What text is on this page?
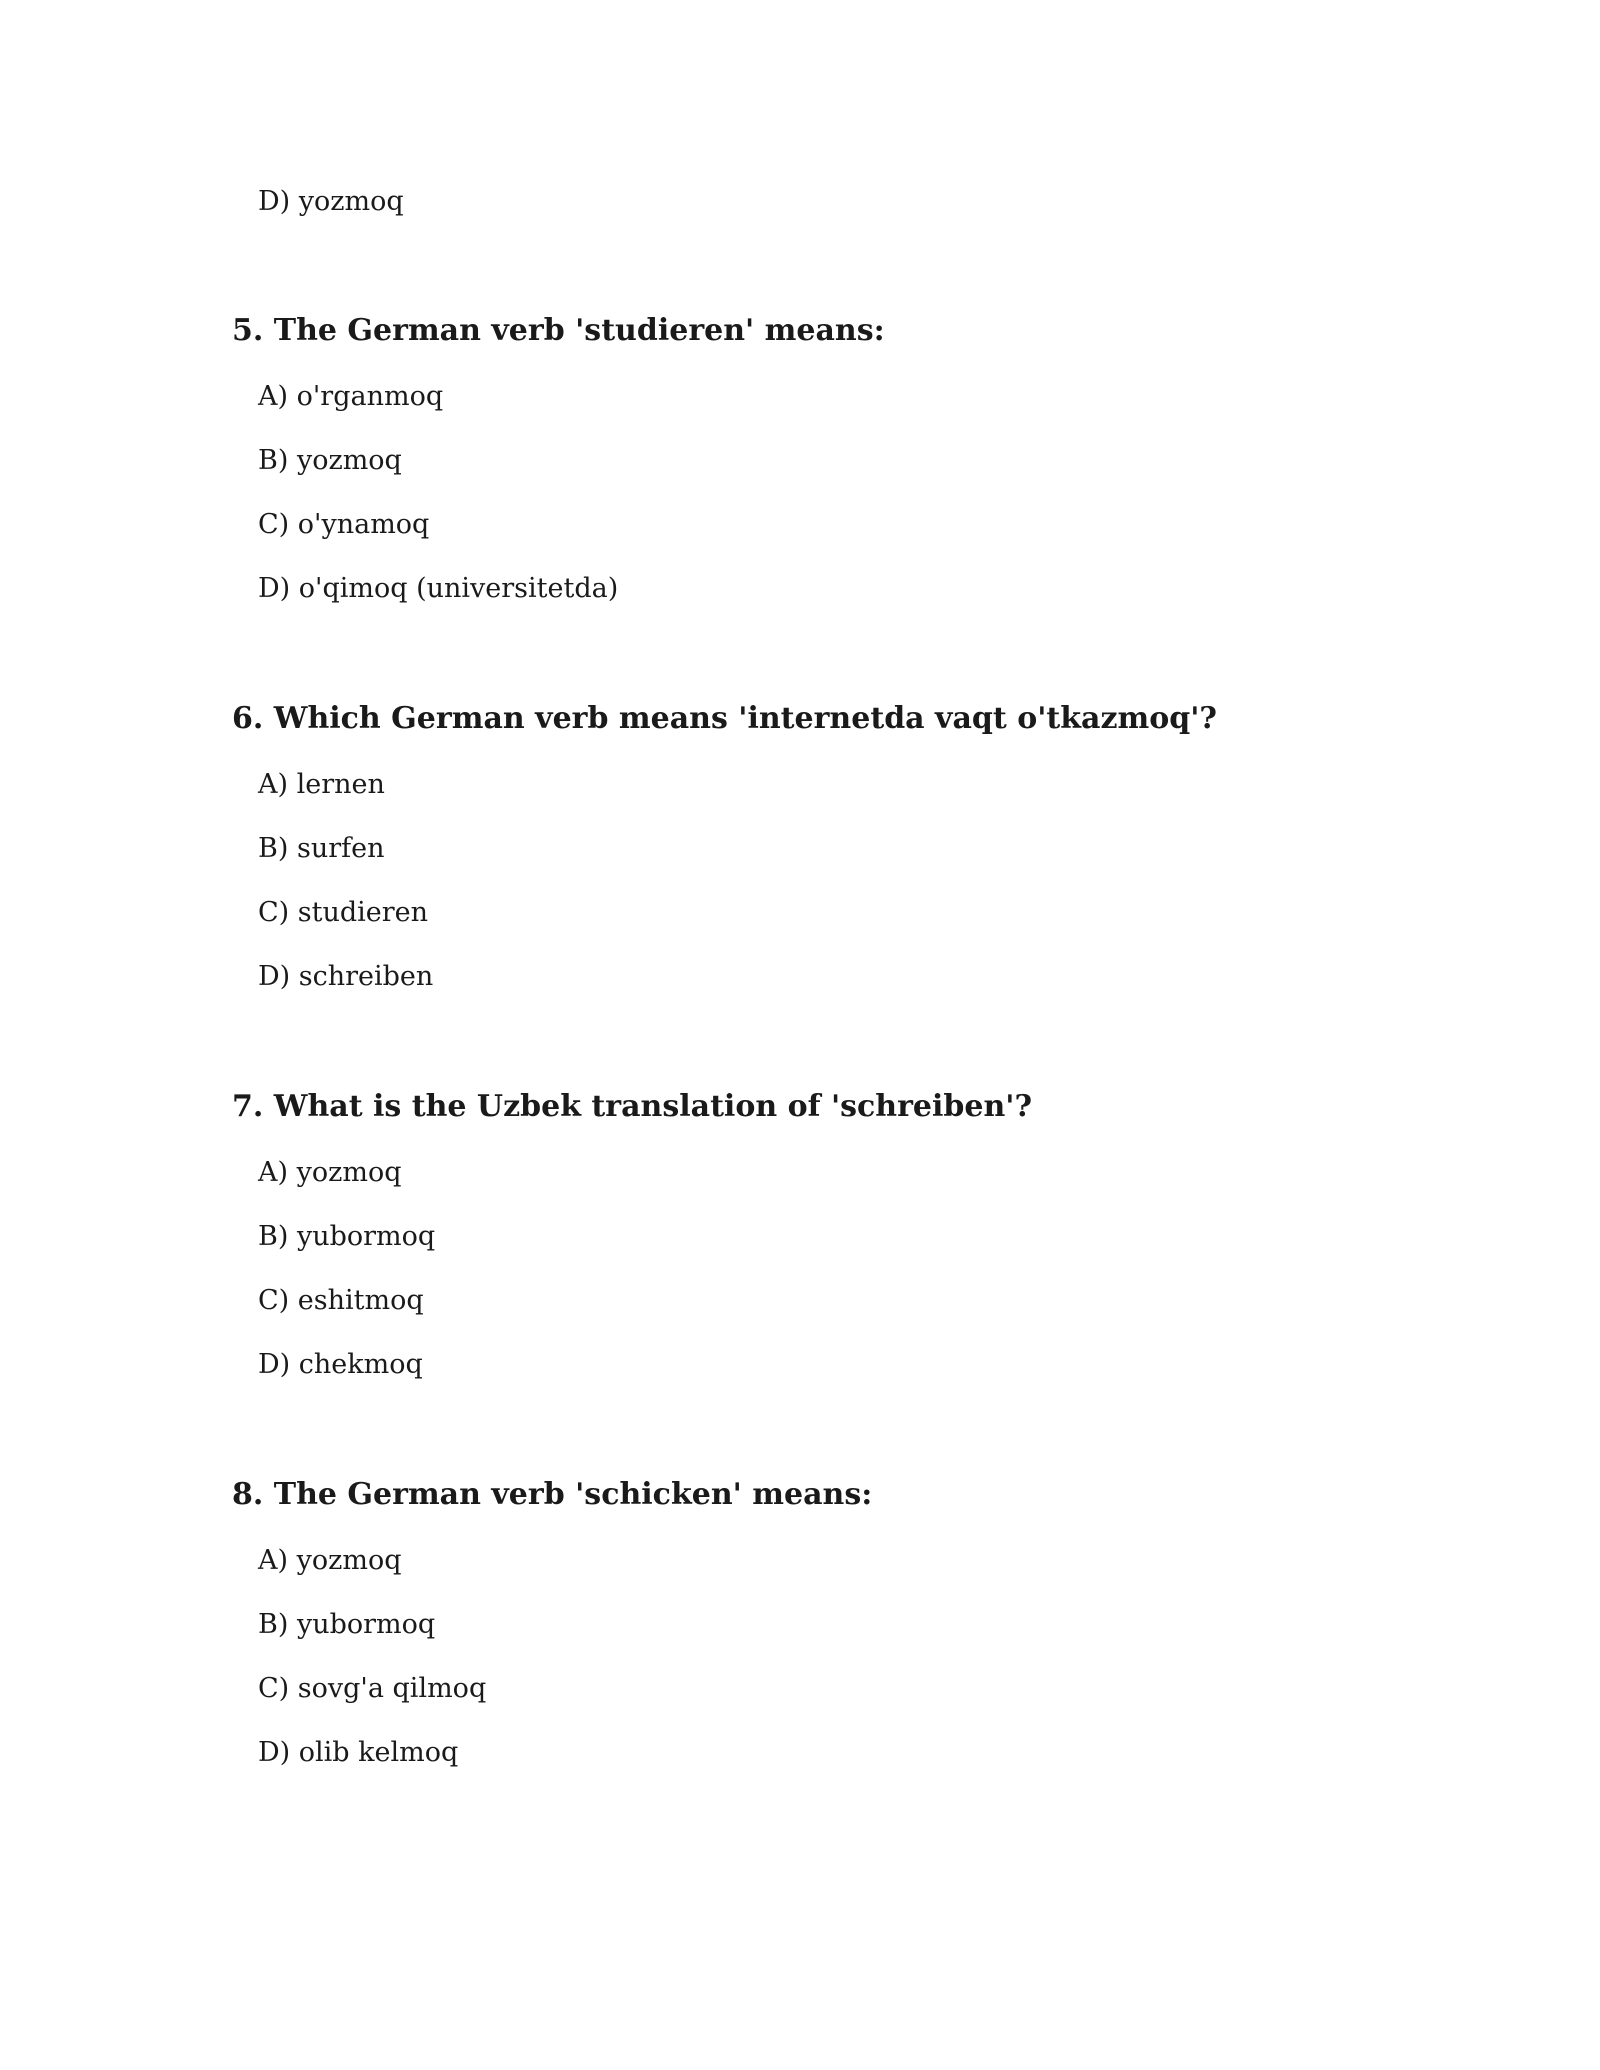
D) yozmoq
5. The German verb 'studieren' means:
A) o'rganmoq
B) yozmoq
C) o'ynamoq
D) o'qimoq (universitetda)
6. Which German verb means 'internetda vaqt o'tkazmoq'?
A) lernen
B) surfen
C) studieren
D) schreiben
7. What is the Uzbek translation of 'schreiben'?
A) yozmoq
B) yubormoq
C) eshitmoq
D) chekmoq
8. The German verb 'schicken' means:
A) yozmoq
B) yubormoq
C) sovg'a qilmoq
D) olib kelmoq
